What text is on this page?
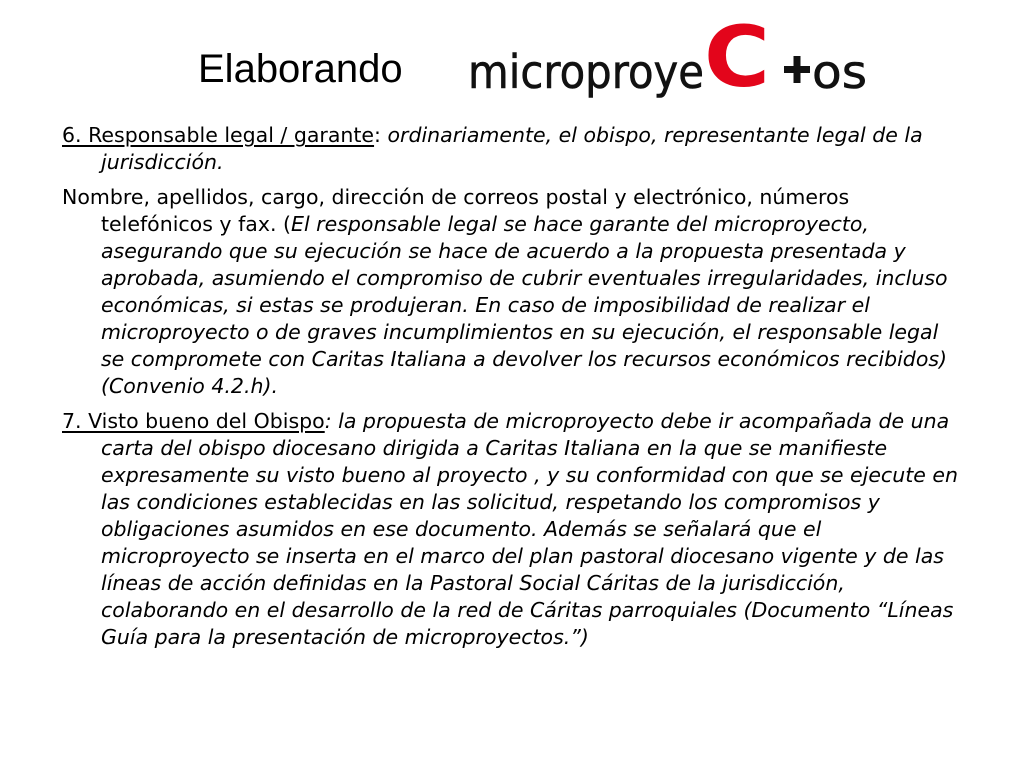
Elaborando microproye C os

6. Responsable legal / garante: ordinariamente, el obispo, representante legal de la jurisdicción.

Nombre, apellidos, cargo, dirección de correos postal y electrónico, números telefónicos y fax. (El responsable legal se hace garante del microproyecto, asegurando que su ejecución se hace de acuerdo a la propuesta presentada y aprobada, asumiendo el compromiso de cubrir eventuales irregularidades, incluso económicas, si estas se produjeran. En caso de imposibilidad de realizar el microproyecto o de graves incumplimientos en su ejecución, el responsable legal se compromete con Caritas Italiana a devolver los recursos económicos recibidos) (Convenio 4.2.h).

7. Visto bueno del Obispo: la propuesta de microproyecto debe ir acompañada de una carta del obispo diocesano dirigida a Caritas Italiana en la que se manifieste expresamente su visto bueno al proyecto , y su conformidad con que se ejecute en las condiciones establecidas en las solicitud, respetando los compromisos y obligaciones asumidos en ese documento. Además se señalará que el microproyecto se inserta en el marco del plan pastoral diocesano vigente y de las líneas de acción definidas en la Pastoral Social Cáritas de la jurisdicción, colaborando en el desarrollo de la red de Cáritas parroquiales (Documento “Líneas Guía para la presentación de microproyectos.”)
